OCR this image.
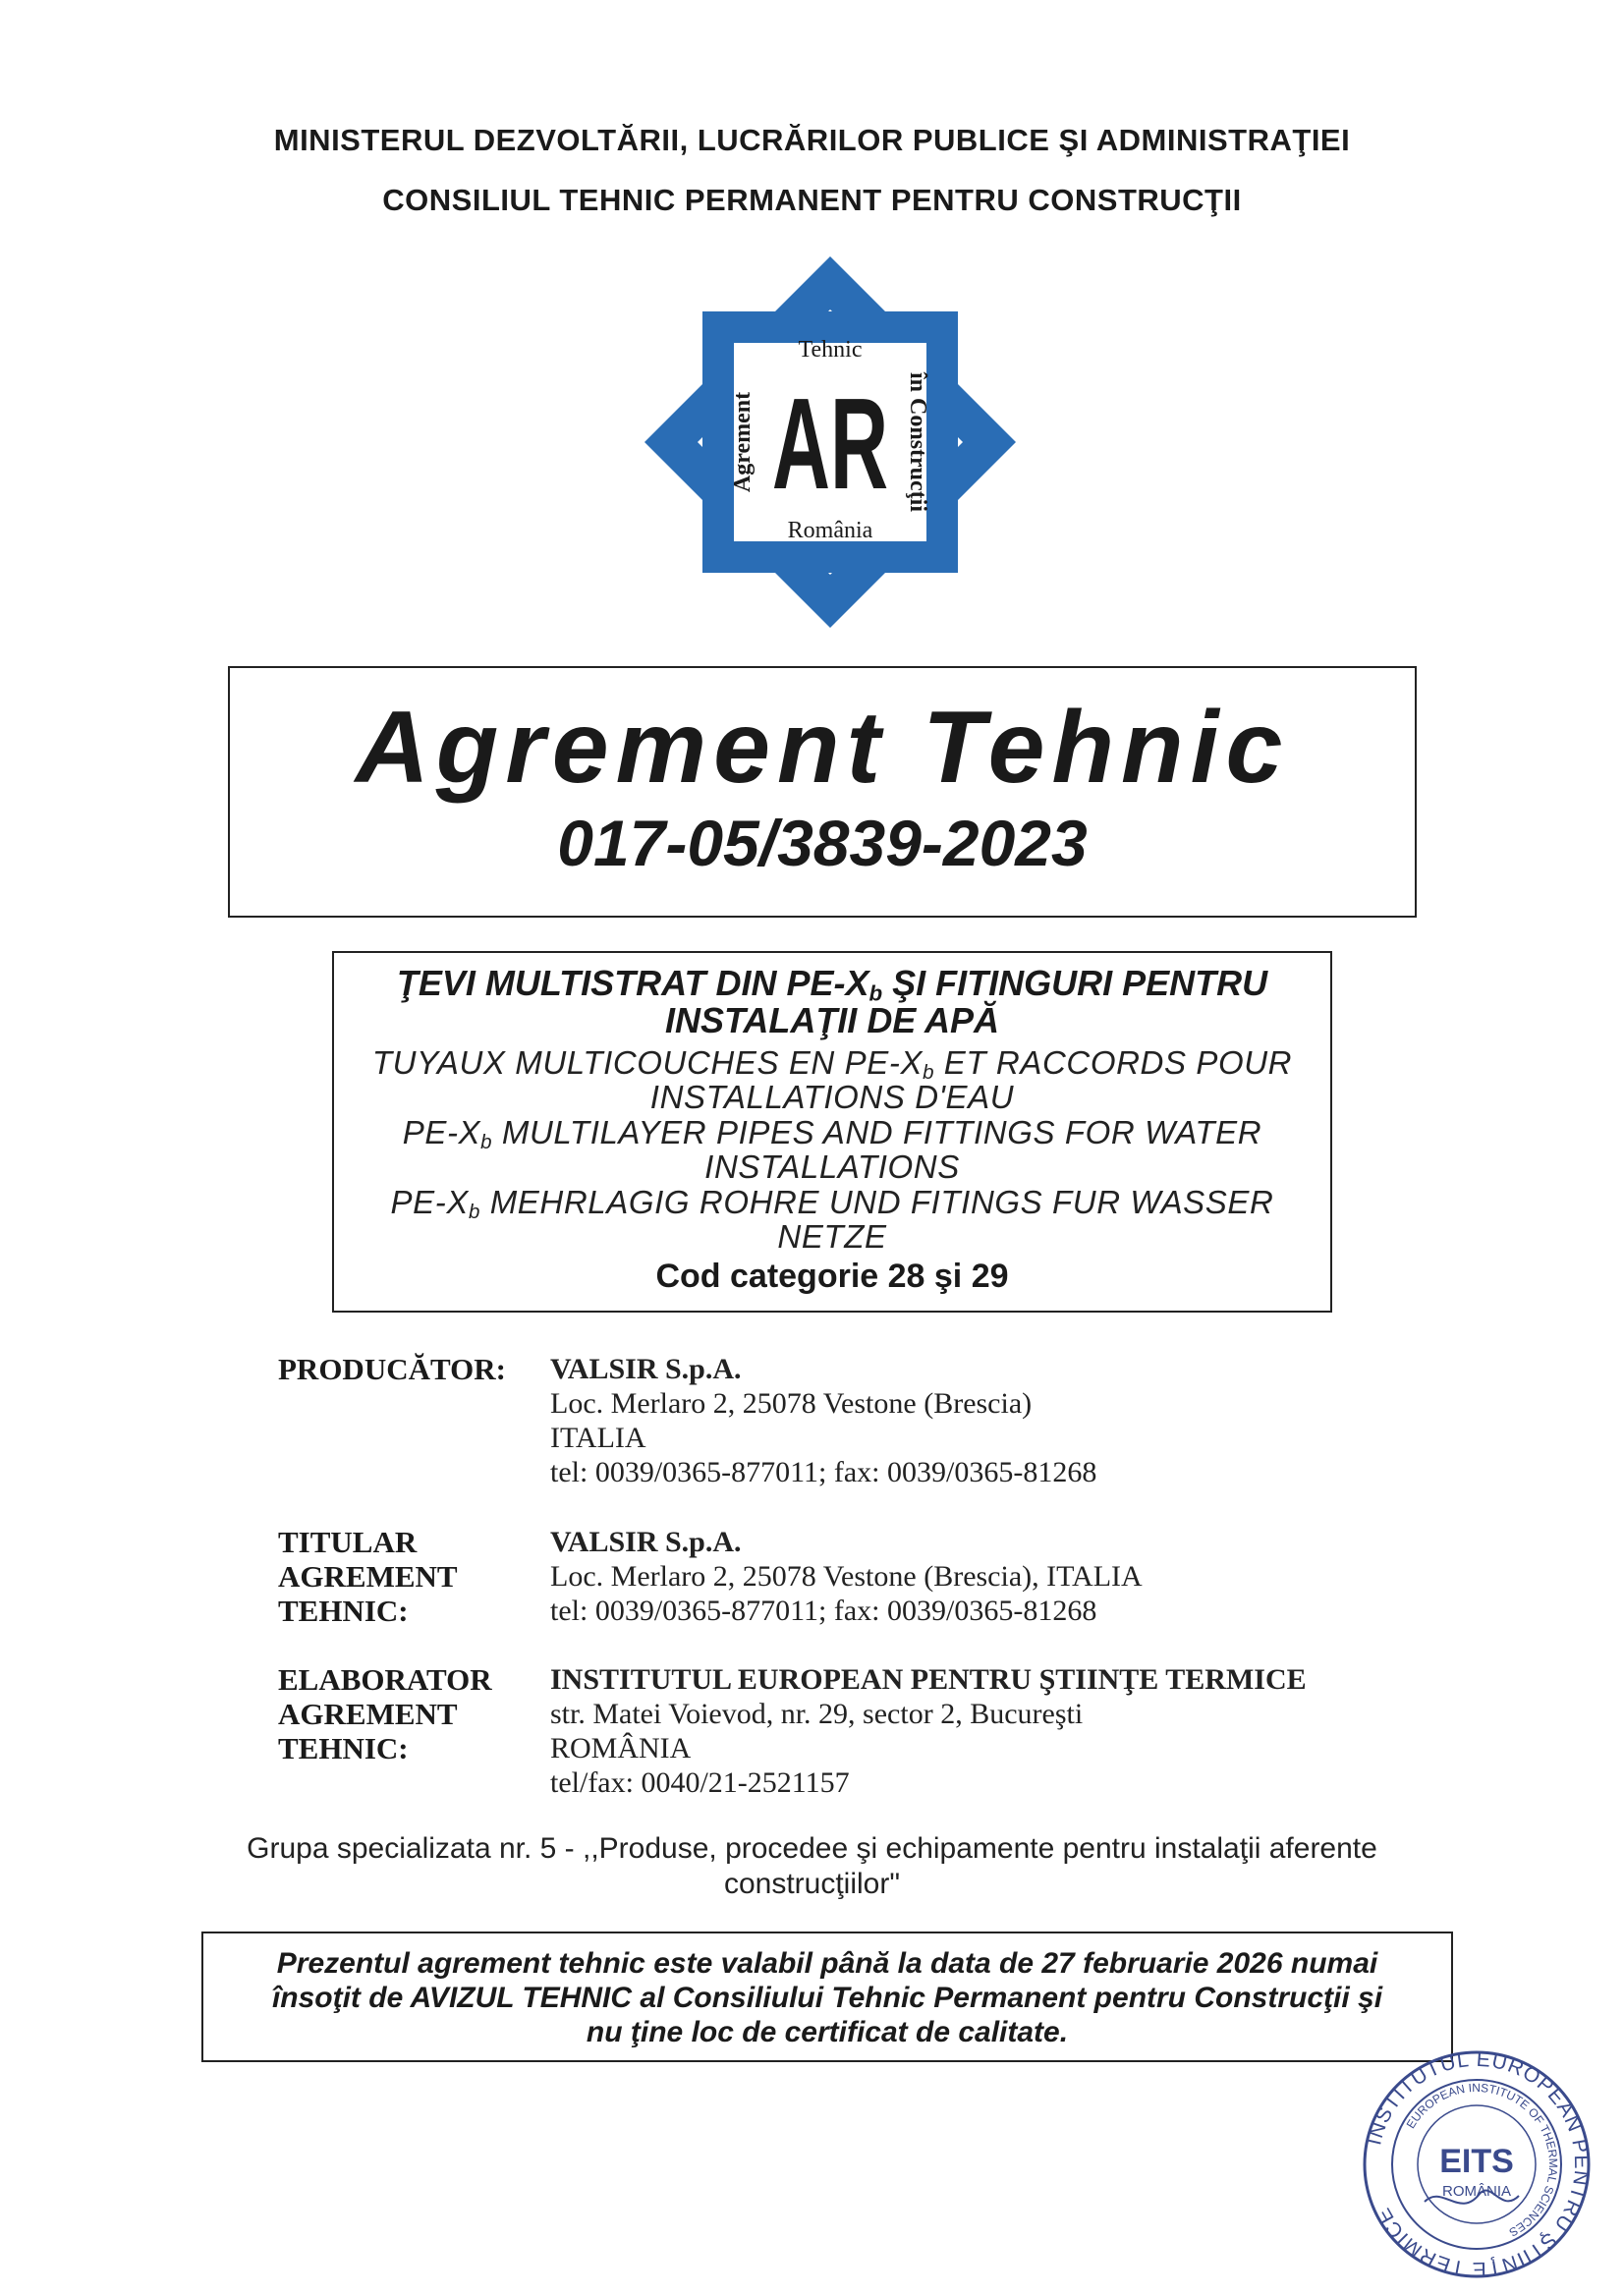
MINISTERUL DEZVOLTĂRII, LUCRĂRILOR PUBLICE ŞI ADMINISTRAŢIEI
CONSILIUL TEHNIC PERMANENT PENTRU CONSTRUCŢII
Tehnic
România
Agrement	în Construcţii
AR
Agrement Tehnic
017-05/3839-2023
ŢEVI MULTISTRAT DIN $PE-X_b$ ŞI FITINGURI PENTRU
INSTALAŢII DE APĂ
TUYAUX MULTICOUCHES EN $PE-X_b$ ET RACCORDS POUR
INSTALLATIONS D'EAU
$PE-X_b$ MULTILAYER PIPES AND FITTINGS FOR WATER
INSTALLATIONS
$PE-X_b$ MEHRLAGIG ROHRE UND FITINGS FUR WASSER
NETZE
Cod categorie 28 şi 29
PRODUCĂTOR:	VALSIR S.p.A.
Loc. Merlaro 2, 25078 Vestone (Brescia)
ITALIA
tel: 0039/0365-877011; fax: 0039/0365-81268
TITULAR
AGREMENT
TEHNIC:
VALSIR S.p.A.
Loc. Merlaro 2, 25078 Vestone (Brescia), ITALIA
tel: 0039/0365-877011; fax: 0039/0365-81268
ELABORATOR
AGREMENT
TEHNIC:
INSTITUTUL EUROPEAN PENTRU ŞTIINŢE TERMICE
str. Matei Voievod, nr. 29, sector 2, Bucureşti
ROMÂNIA
tel/fax: 0040/21-2521157
Grupa specializata nr. 5 - ,,Produse, procedee şi echipamente pentru instalaţii aferente
construcţiilor"
Prezentul agrement tehnic este valabil până la data de 27 februarie 2026 numai
însoţit de AVIZUL TEHNIC al Consiliului Tehnic Permanent pentru Construcţii şi
nu ţine loc de certificat de calitate.
INSTITUTUL EUROPEAN PENTRU ŞTIINŢE TERMICE
EUROPEAN INSTITUTE OF THERMAL SCIENCES
EITS
ROMÂNIA
